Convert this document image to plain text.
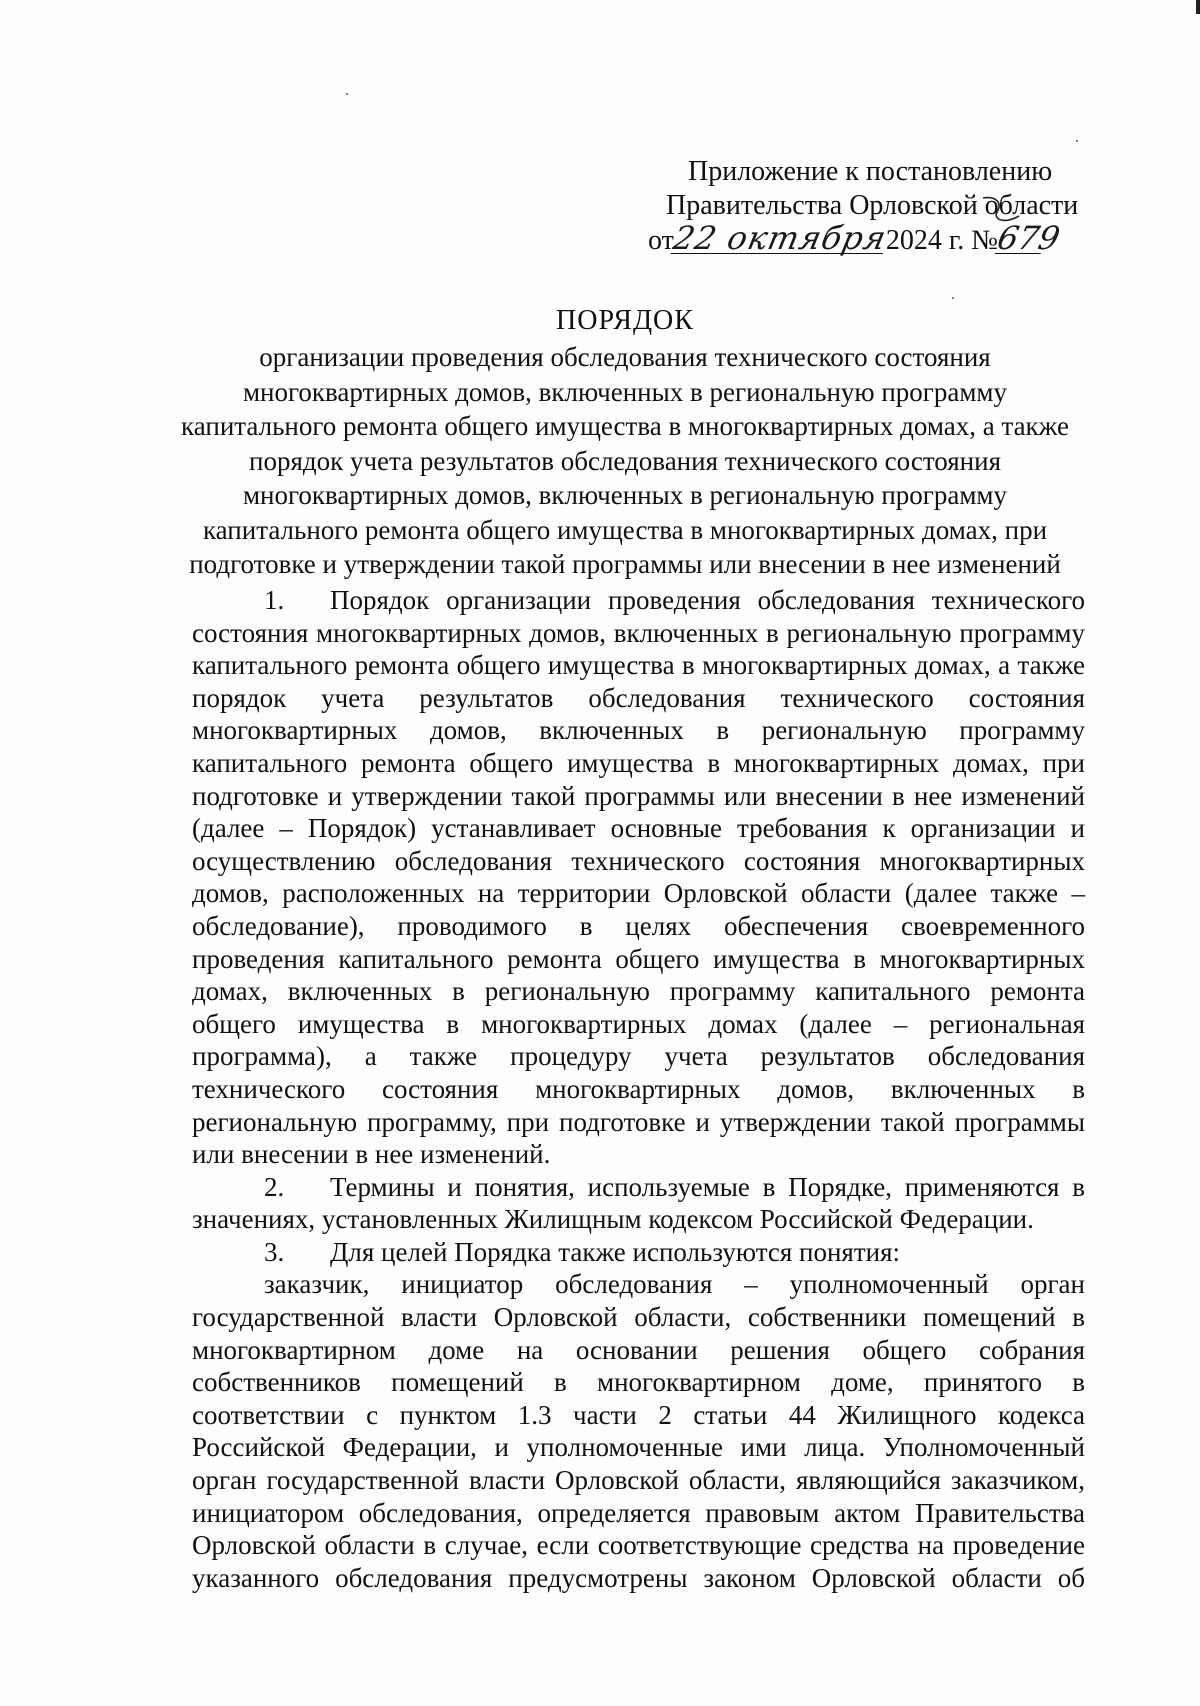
Приложение к постановлению
Правительства Орловской области
от22 октября2024 г. №679
ПОРЯДОК
организации проведения обследования технического состояния
многоквартирных домов, включенных в региональную программу
капитального ремонта общего имущества в многоквартирных домах, а также
порядок учета результатов обследования технического состояния
многоквартирных домов, включенных в региональную программу
капитального ремонта общего имущества в многоквартирных домах, при
подготовке и утверждении такой программы или внесении в нее изменений

1. Порядок организации проведения обследования технического состояния многоквартирных домов, включенных в региональную программу капитального ремонта общего имущества в многоквартирных домах, а также порядок учета результатов обследования технического состояния многоквартирных домов, включенных в региональную программу капитального ремонта общего имущества в многоквартирных домах, при подготовке и утверждении такой программы или внесении в нее изменений (далее – Порядок) устанавливает основные требования к организации и осуществлению обследования технического состояния многоквартирных домов, расположенных на территории Орловской области (далее также – обследование), проводимого в целях обеспечения своевременного проведения капитального ремонта общего имущества в многоквартирных домах, включенных в региональную программу капитального ремонта общего имущества в многоквартирных домах (далее – региональная программа), а также процедуру учета результатов обследования технического состояния многоквартирных домов, включенных в региональную программу, при подготовке и утверждении такой программы или внесении в нее изменений.

2. Термины и понятия, используемые в Порядке, применяются в значениях, установленных Жилищным кодексом Российской Федерации.

3. Для целей Порядка также используются понятия:

заказчик, инициатор обследования – уполномоченный орган государственной власти Орловской области, собственники помещений в многоквартирном доме на основании решения общего собрания собственников помещений в многоквартирном доме, принятого в соответствии с пунктом 1.3 части 2 статьи 44 Жилищного кодекса Российской Федерации, и уполномоченные ими лица. Уполномоченный орган государственной власти Орловской области, являющийся заказчиком, инициатором обследования, определяется правовым актом Правительства Орловской области в случае, если соответствующие средства на проведение указанного обследования предусмотрены законом Орловской области об
